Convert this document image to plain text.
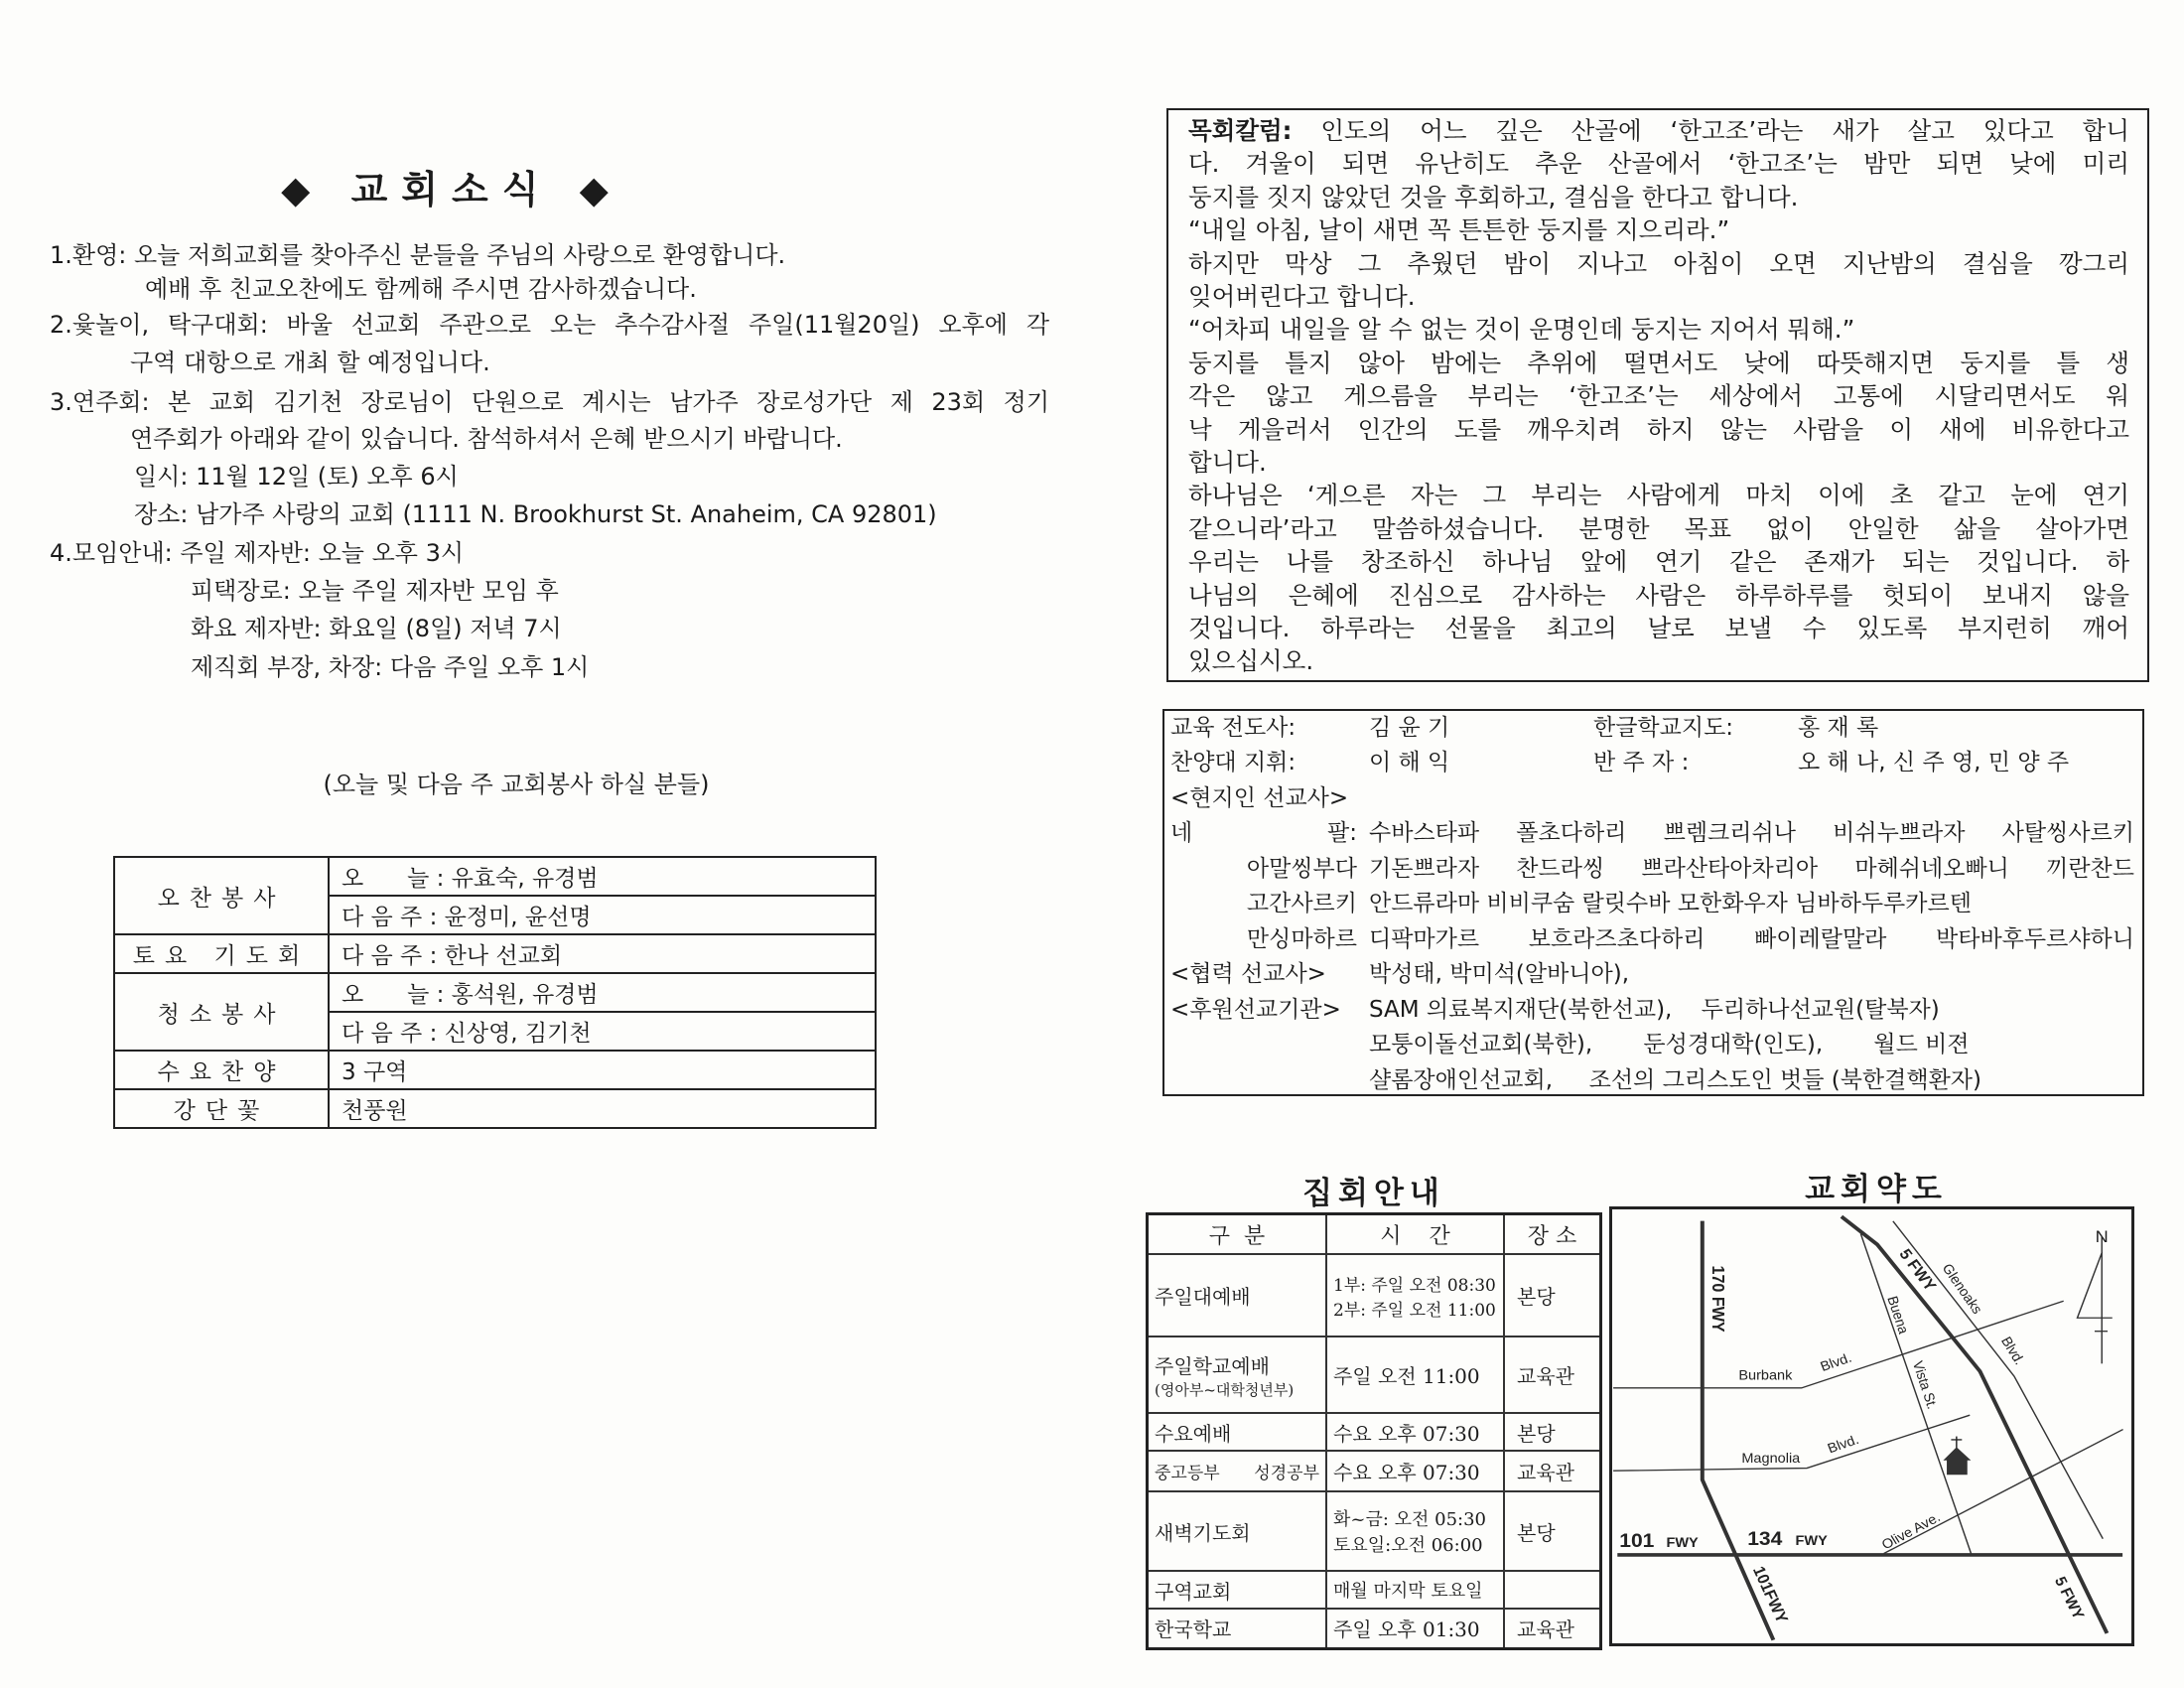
◆ 교회소식 ◆
1.환영: 오늘 저희교회를 찾아주신 분들을 주님의 사랑으로 환영합니다.
예배 후 친교오찬에도 함께해 주시면 감사하겠습니다.
2.윷놀이, 탁구대회: 바울 선교회 주관으로 오는 추수감사절 주일(11월20일) 오후에 각
구역 대항으로 개최 할 예정입니다.
3.연주회: 본 교회 김기천 장로님이 단원으로 계시는 남가주 장로성가단 제 23회 정기
연주회가 아래와 같이 있습니다. 참석하셔서 은혜 받으시기 바랍니다.
일시: 11월 12일 (토) 오후 6시
장소: 남가주 사랑의 교회 (1111 N. Brookhurst St. Anaheim, CA 92801)
4.모임안내: 주일 제자반: 오늘 오후 3시
피택장로: 오늘 주일 제자반 모임 후
화요 제자반: 화요일 (8일) 저녁 7시
제직회 부장, 차장: 다음 주일 오후 1시
(오늘 및 다음 주 교회봉사 하실 분들)
오찬봉사	오      늘 : 유효숙, 유경범
	다 음 주 : 윤정미, 윤선명
토요 기도회	다 음 주 : 한나 선교회
청소봉사	오      늘 : 홍석원, 유경범
	다 음 주 : 신상영, 김기천
수요찬양	3 구역
강단꽃	천풍원
목회칼럼: 인도의 어느 깊은 산골에 ‘한고조’라는 새가 살고 있다고 합니
다. 겨울이 되면 유난히도 추운 산골에서 ‘한고조’는 밤만 되면 낮에 미리
둥지를 짓지 않았던 것을 후회하고, 결심을 한다고 합니다.
“내일 아침, 날이 새면 꼭 튼튼한 둥지를 지으리라.”
하지만 막상 그 추웠던 밤이 지나고 아침이 오면 지난밤의 결심을 깡그리
잊어버린다고 합니다.
“어차피 내일을 알 수 없는 것이 운명인데 둥지는 지어서 뭐해.”
둥지를 틀지 않아 밤에는 추위에 떨면서도 낮에 따뜻해지면 둥지를 틀 생
각은 않고 게으름을 부리는 ‘한고조’는 세상에서 고통에 시달리면서도 워
낙 게을러서 인간의 도를 깨우치려 하지 않는 사람을 이 새에 비유한다고
합니다.
하나님은 ‘게으른 자는 그 부리는 사람에게 마치 이에 초 같고 눈에 연기
같으니라’라고 말씀하셨습니다. 분명한 목표 없이 안일한 삶을 살아가면
우리는 나를 창조하신 하나님 앞에 연기 같은 존재가 되는 것입니다. 하
나님의 은혜에 진심으로 감사하는 사람은 하루하루를 헛되이 보내지 않을
것입니다. 하루라는 선물을 최고의 날로 보낼 수 있도록 부지런히 깨어
있으십시오.
교육 전도사:	김 윤 기	한글학교지도:	홍 재 록
찬양대 지휘:	이 해 익	반 주 자 :	오 해 나, 신 주 영, 민 양 주
<현지인 선교사>
네	팔: 수바스타파 폴초다하리 쁘렘크리쉬나 비쉬누쁘라자 사탈씽사르키
아말씽부다 기돈쁘라자 찬드라씽 쁘라산타아차리아 마헤쉬네오빠니 끼란찬드
고간사르키 안드류라마 비비쿠숨 랄릿수바 모한화우자 님바하두루카르텐
만싱마하르 디팍마가르 보흐라즈초다하리 빠이레랄말라 박타바후두르샤하니
<협력 선교사> 박성태, 박미석(알바니아),
<후원선교기관> SAM 의료복지재단(북한선교),    두리하나선교원(탈북자)
모퉁이돌선교회(북한),       둔성경대학(인도),       월드 비젼
샬롬장애인선교회,     조선의 그리스도인 벗들 (북한결핵환자)
집회안내
구  분	시    간	장 소
주일대예배	1부: 주일 오전 08:30
2부: 주일 오전 11:00	본당
주일학교예배
(영아부~대학청년부)	주일 오전 11:00	교육관
수요예배	수요 오후 07:30	본당
중고등부 성경공부	수요 오후 07:30	교육관
새벽기도회	화~금: 오전 05:30
토요일:오전 06:00	본당
구역교회	매월 마지막 토요일	
한국학교	주일 오후 01:30	교육관
교회약도
N
170 FWY	5 FWY Glenoaks
Blvd.
Buena
Vista St.
Burbank
Blvd.
Magnolia
Blvd.
Olive Ave.
101 FWY 134 FWY
101FWY	5 FWY
